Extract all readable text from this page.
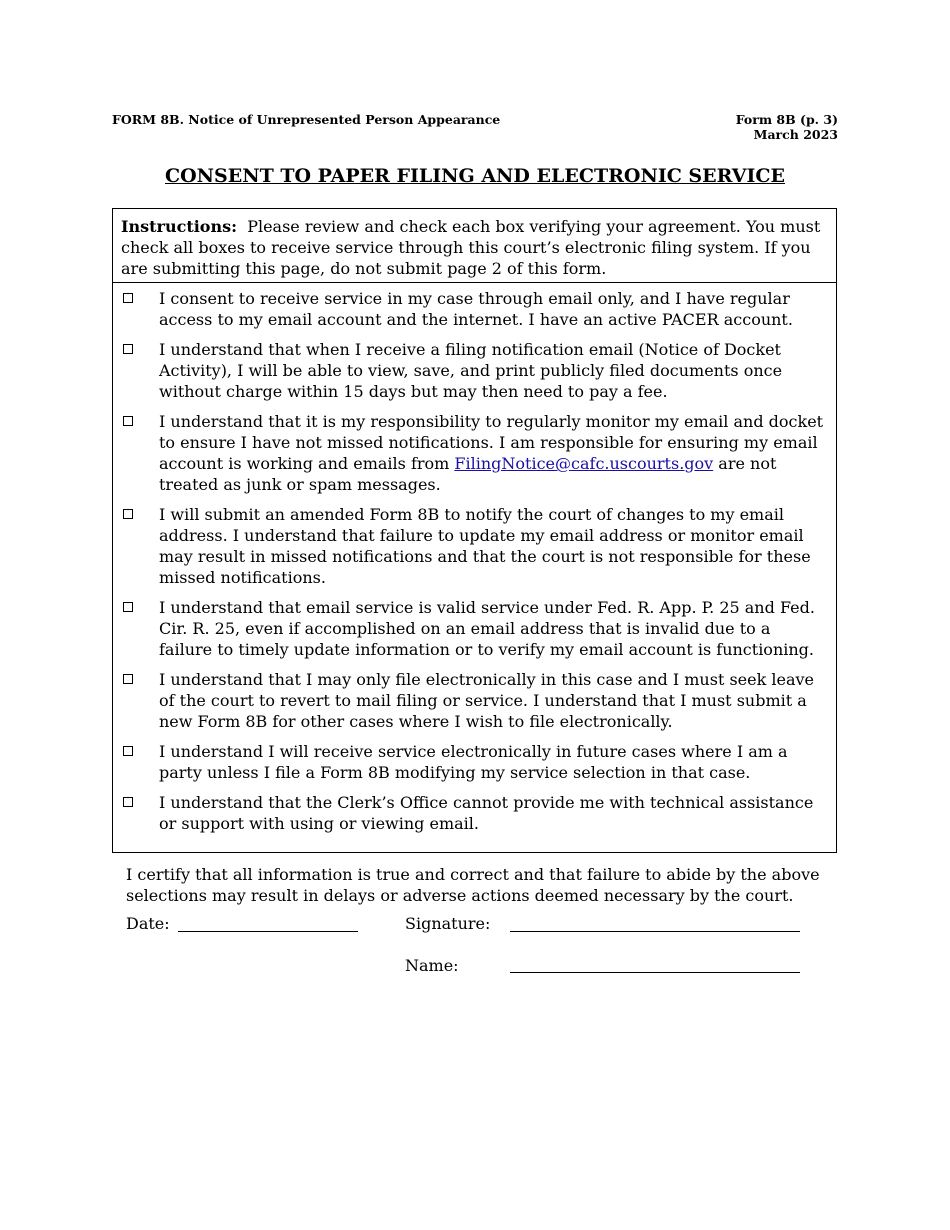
FORM 8B. Notice of Unrepresented Person Appearance	Form 8B (p. 3)
March 2023
CONSENT TO PAPER FILING AND ELECTRONIC SERVICE
Instructions: Please review and check each box verifying your agreement. You must check all boxes to receive service through this court’s electronic filing system. If you are submitting this page, do not submit page 2 of this form.
I consent to receive service in my case through email only, and I have regular access to my email account and the internet. I have an active PACER account.
I understand that when I receive a filing notification email (Notice of Docket Activity), I will be able to view, save, and print publicly filed documents once without charge within 15 days but may then need to pay a fee.
I understand that it is my responsibility to regularly monitor my email and docket to ensure I have not missed notifications. I am responsible for ensuring my email account is working and emails from FilingNotice@cafc.uscourts.gov are not treated as junk or spam messages.
I will submit an amended Form 8B to notify the court of changes to my email address. I understand that failure to update my email address or monitor email may result in missed notifications and that the court is not responsible for these missed notifications.
I understand that email service is valid service under Fed. R. App. P. 25 and Fed. Cir. R. 25, even if accomplished on an email address that is invalid due to a failure to timely update information or to verify my email account is functioning.
I understand that I may only file electronically in this case and I must seek leave of the court to revert to mail filing or service. I understand that I must submit a new Form 8B for other cases where I wish to file electronically.
I understand I will receive service electronically in future cases where I am a party unless I file a Form 8B modifying my service selection in that case.
I understand that the Clerk’s Office cannot provide me with technical assistance or support with using or viewing email.
I certify that all information is true and correct and that failure to abide by the above selections may result in delays or adverse actions deemed necessary by the court.
Date:	Signature:
Name:
